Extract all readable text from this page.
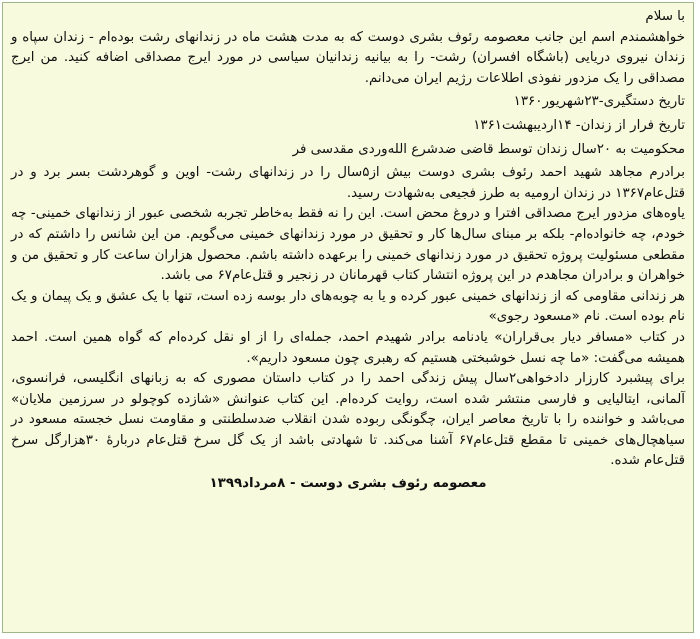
با سلام

خواهشمندم اسم این جانب معصومه رئوف بشری دوست که به مدت هشت ماه در زندانهای رشت بوده‌ام - زندان سپاه و زندان نیروی دریایی (باشگاه افسران) رشت- را به بیانیه زندانیان سیاسی در مورد ایرج مصداقی اضافه کنید. من ایرج مصداقی را یک مزدور نفوذی اطلاعات رژیم ایران می‌دانم.

تاریخ دستگیری-۲۳شهریور۱۳۶۰

تاریخ فرار از زندان- ۱۴اردیبهشت۱۳۶۱

محکومیت به ۲۰سال زندان توسط قاضی ضدشرع الله‌وردی مقدسی فر

برادرم مجاهد شهید احمد رئوف بشری دوست بیش از۵سال را در زندانهای رشت- اوین و گوهردشت بسر برد و در قتل‌عام۱۳۶۷ در زندان ارومیه به طرز فجیعی به‌شهادت رسید.

یاوه‌های مزدور ایرج مصداقی افترا و دروغ محض است. این را نه فقط به‌خاطر تجربه شخصی عبور از زندانهای خمینی- چه خودم، چه خانواده‌ام- بلکه بر مبنای سال‌ها کار و تحقیق در مورد زندانهای خمینی می‌گویم. من این شانس را داشتم که در مقطعی مسئولیت پروژه تحقیق در مورد زندانهای خمینی را برعهده داشته باشم. محصول هزاران ساعت کار و تحقیق من و خواهران و برادران مجاهدم در این پروژه انتشار کتاب قهرمانان در زنجیر و قتل‌عام۶۷ می باشد.

هر زندانی مقاومی که از زندانهای خمینی عبور کرده و یا به چوبه‌های دار بوسه زده است، تنها با یک عشق و یک پیمان و یک نام بوده است. نام «مسعود رجوی»

در کتاب «مسافر دیار بی‌قراران» یادنامه برادر شهیدم احمد، جمله‌ای را از او نقل کرده‌ام که گواه همین است. احمد همیشه می‌گفت: «ما چه نسل خوشبختی هستیم که رهبری چون مسعود داریم».

برای پیشبرد کارزار دادخواهی۲سال پیش زندگی احمد را در کتاب داستان مصوری که به زبانهای انگلیسی، فرانسوی، آلمانی، ایتالیایی و فارسی منتشر شده است، روایت کرده‌ام. این کتاب عنوانش «شازده کوچولو در سرزمین ملایان» می‌باشد و خواننده را با تاریخ معاصر ایران، چگونگی ربوده شدن انقلاب ضدسلطنتی و مقاومت نسل خجسته مسعود در سیاهچال‌های خمینی تا مقطع قتل‌عام۶۷ آشنا می‌کند. تا شهادتی باشد از یک گل سرخ قتل‌عام دربارهٔ ۳۰هزارگل سرخ قتل‌عام شده.

معصومه رئوف بشری دوست - ۸مرداد۱۳۹۹
